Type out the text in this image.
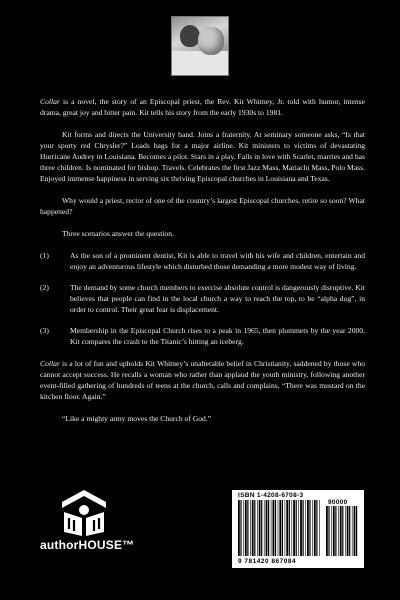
Collar is a novel, the story of an Episcopal priest, the Rev. Kit Whitney, Jr. told with humor, intense drama, great joy and bitter pain. Kit tells his story from the early 1930s to 1981.

Kit forms and directs the University band. Joins a fraternity. At seminary someone asks, “Is that your sporty red Chrysler?” Loads bags for a major airline. Kit ministers to victims of devastating Hurricane Audrey in Louisiana. Becomes a pilot. Stars in a play. Falls in love with Scarlet, marries and has three children. Is nominated for bishop. Travels. Celebrates the first Jazz Mass, Mariachi Mass, Polo Mass. Enjoyed immense happiness in serving six thriving Episcopal churches in Louisiana and Texas.

Why would a priest, rector of one of the country’s largest Episcopal churches, retire so soon? What happened?

Three scenarios answer the question.

(1)	As the son of a prominent dentist, Kit is able to travel with his wife and children, entertain and enjoy an adventurous lifestyle which disturbed those demanding a more modest way of living.
(2)	The demand by some church members to exercise absolute control is dangerously disruptive. Kit believes that people can find in the local church a way to reach the top, to be “alpha dog”, in order to control. Their great fear is displacement.
(3)	Membership in the Episcopal Church rises to a peak in 1965, then plummets by the year 2000. Kit compares the crash to the Titanic’s hitting an iceberg.

Collar is a lot of fun and upholds Kit Whitney’s unalterable belief in Christianity, saddened by those who cannot accept success. He recalls a woman who rather than applaud the youth ministry, following another event-filled gathering of hundreds of teens at the church, calls and complains, “There was mustard on the kitchen floor. Again.”

“Like a mighty army moves the Church of God.”

authorHOUSE™
ISBN 1-4208-6708-3
90000
9 781420 867084
